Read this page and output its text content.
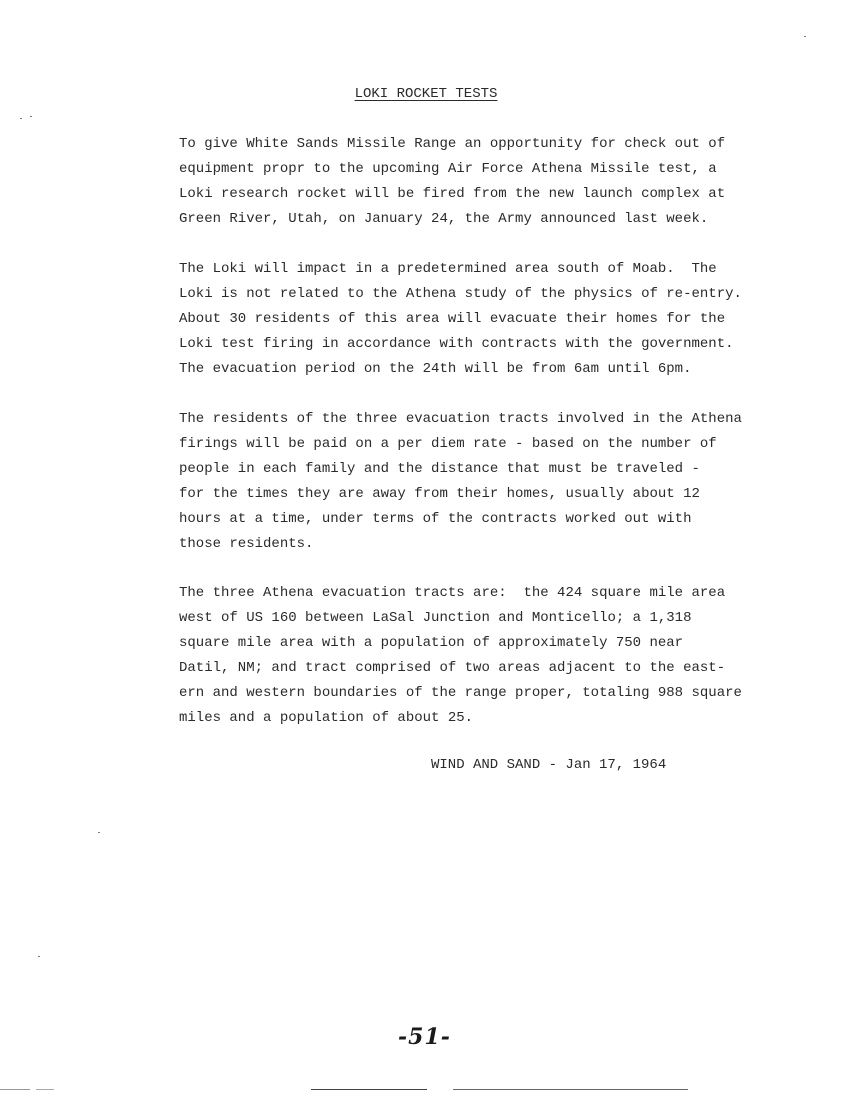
LOKI ROCKET TESTS
To give White Sands Missile Range an opportunity for check out of
equipment propr to the upcoming Air Force Athena Missile test, a
Loki research rocket will be fired from the new launch complex at
Green River, Utah, on January 24, the Army announced last week.
The Loki will impact in a predetermined area south of Moab.  The
Loki is not related to the Athena study of the physics of re-entry.
About 30 residents of this area will evacuate their homes for the
Loki test firing in accordance with contracts with the government.
The evacuation period on the 24th will be from 6am until 6pm.
The residents of the three evacuation tracts involved in the Athena
firings will be paid on a per diem rate - based on the number of
people in each family and the distance that must be traveled -
for the times they are away from their homes, usually about 12
hours at a time, under terms of the contracts worked out with
those residents.
The three Athena evacuation tracts are:  the 424 square mile area
west of US 160 between LaSal Junction and Monticello; a 1,318
square mile area with a population of approximately 750 near
Datil, NM; and tract comprised of two areas adjacent to the east-
ern and western boundaries of the range proper, totaling 988 square
miles and a population of about 25.
WIND AND SAND - Jan 17, 1964
-51-
